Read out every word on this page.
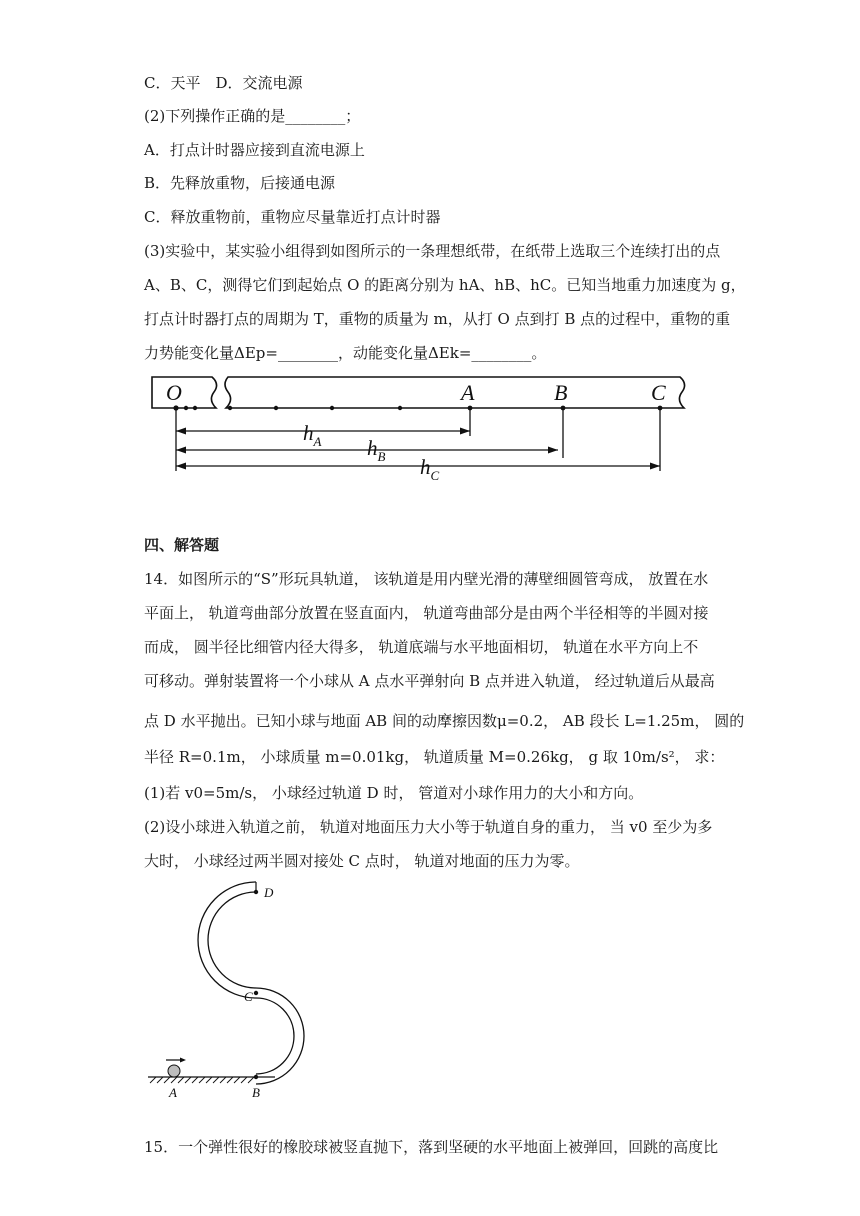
C．天平　D．交流电源
(2)下列操作正确的是________；
A．打点计时器应接到直流电源上
B．先释放重物，后接通电源
C．释放重物前，重物应尽量靠近打点计时器
(3)实验中，某实验小组得到如图所示的一条理想纸带，在纸带上选取三个连续打出的点
A、B、C，测得它们到起始点 O 的距离分别为 hA、hB、hC。已知当地重力加速度为 g，
打点计时器打点的周期为 T，重物的质量为 m，从打 O 点到打 B 点的过程中，重物的重
力势能变化量ΔEp=________，动能变化量ΔEk=________。
O	A	B	C
$h_A$ $h_B$ $h_C$
四、解答题
14．如图所示的“S”形玩具轨道， 该轨道是用内壁光滑的薄壁细圆管弯成， 放置在水
平面上， 轨道弯曲部分放置在竖直面内， 轨道弯曲部分是由两个半径相等的半圆对接
而成， 圆半径比细管内径大得多， 轨道底端与水平地面相切， 轨道在水平方向上不
可移动。弹射装置将一个小球从 A 点水平弹射向 B 点并进入轨道， 经过轨道后从最高
点 D 水平抛出。已知小球与地面 AB 间的动摩擦因数μ=0.2， AB 段长 L=1.25m， 圆的
半径 R=0.1m， 小球质量 m=0.01kg， 轨道质量 M=0.26kg， g 取 10m/s²， 求：
(1)若 v0=5m/s， 小球经过轨道 D 时， 管道对小球作用力的大小和方向。
(2)设小球进入轨道之前， 轨道对地面压力大小等于轨道自身的重力， 当 v0 至少为多
大时， 小球经过两半圆对接处 C 点时， 轨道对地面的压力为零。
D
C
A	B
15．一个弹性很好的橡胶球被竖直抛下，落到坚硬的水平地面上被弹回，回跳的高度比
